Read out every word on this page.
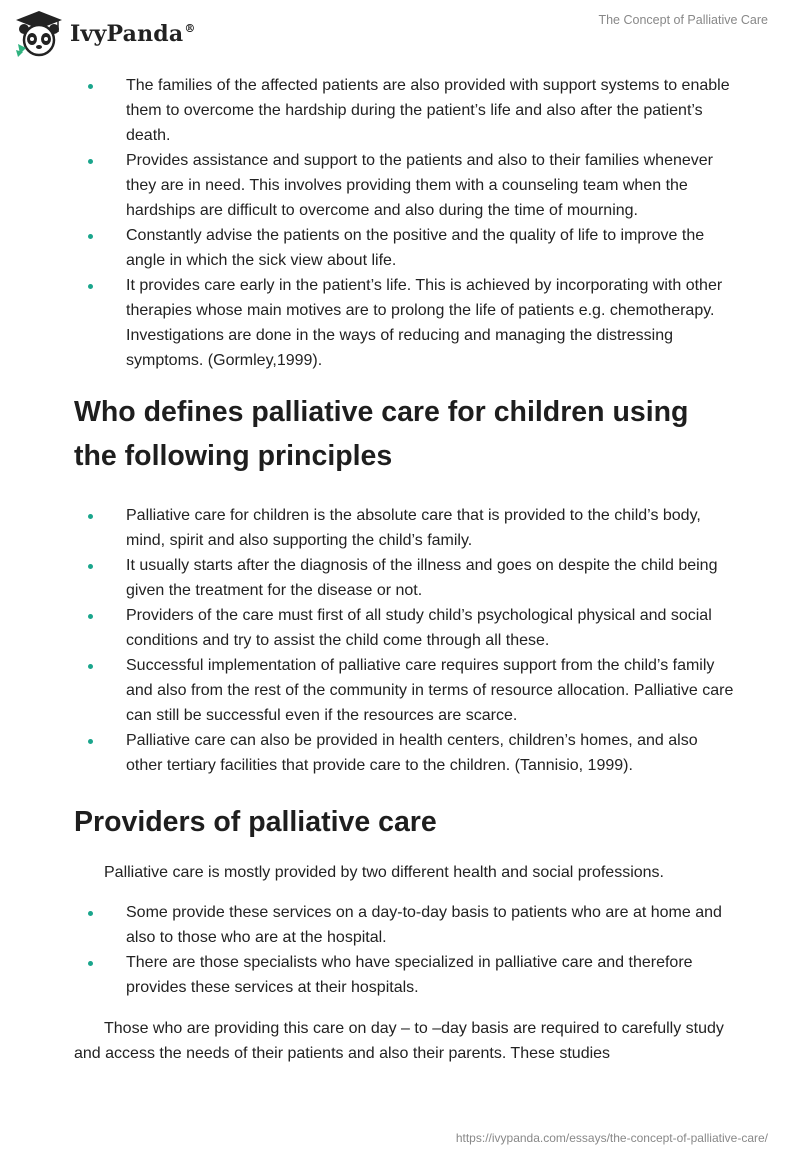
IvyPanda®
The Concept of Palliative Care
The families of the affected patients are also provided with support systems to enable them to overcome the hardship during the patient’s life and also after the patient’s death.
Provides assistance and support to the patients and also to their families whenever they are in need. This involves providing them with a counseling team when the hardships are difficult to overcome and also during the time of mourning.
Constantly advise the patients on the positive and the quality of life to improve the angle in which the sick view about life.
It provides care early in the patient’s life. This is achieved by incorporating with other therapies whose main motives are to prolong the life of patients e.g. chemotherapy. Investigations are done in the ways of reducing and managing the distressing symptoms. (Gormley,1999).
Who defines palliative care for children using the following principles
Palliative care for children is the absolute care that is provided to the child’s body, mind, spirit and also supporting the child’s family.
It usually starts after the diagnosis of the illness and goes on despite the child being given the treatment for the disease or not.
Providers of the care must first of all study child’s psychological physical and social conditions and try to assist the child come through all these.
Successful implementation of palliative care requires support from the child’s family and also from the rest of the community in terms of resource allocation. Palliative care can still be successful even if the resources are scarce.
Palliative care can also be provided in health centers, children’s homes, and also other tertiary facilities that provide care to the children. (Tannisio, 1999).
Providers of palliative care

Palliative care is mostly provided by two different health and social professions.

Some provide these services on a day-to-day basis to patients who are at home and also to those who are at the hospital.
There are those specialists who have specialized in palliative care and therefore provides these services at their hospitals.

Those who are providing this care on day – to –day basis are required to carefully study and access the needs of their patients and also their parents. These studies

https://ivypanda.com/essays/the-concept-of-palliative-care/
